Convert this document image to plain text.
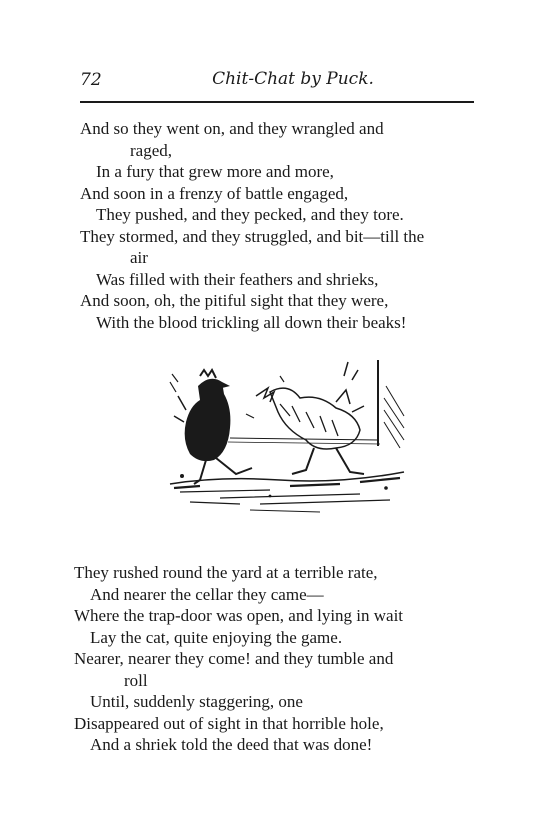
72	Chit-Chat by Puck.
And so they went on, and they wrangled and
raged,
In a fury that grew more and more,
And soon in a frenzy of battle engaged,
They pushed, and they pecked, and they tore.
They stormed, and they struggled, and bit—till the
air
Was filled with their feathers and shrieks,
And soon, oh, the pitiful sight that they were,
With the blood trickling all down their beaks!
They rushed round the yard at a terrible rate,
And nearer the cellar they came—
Where the trap-door was open, and lying in wait
Lay the cat, quite enjoying the game.
Nearer, nearer they come! and they tumble and
roll
Until, suddenly staggering, one
Disappeared out of sight in that horrible hole,
And a shriek told the deed that was done!
